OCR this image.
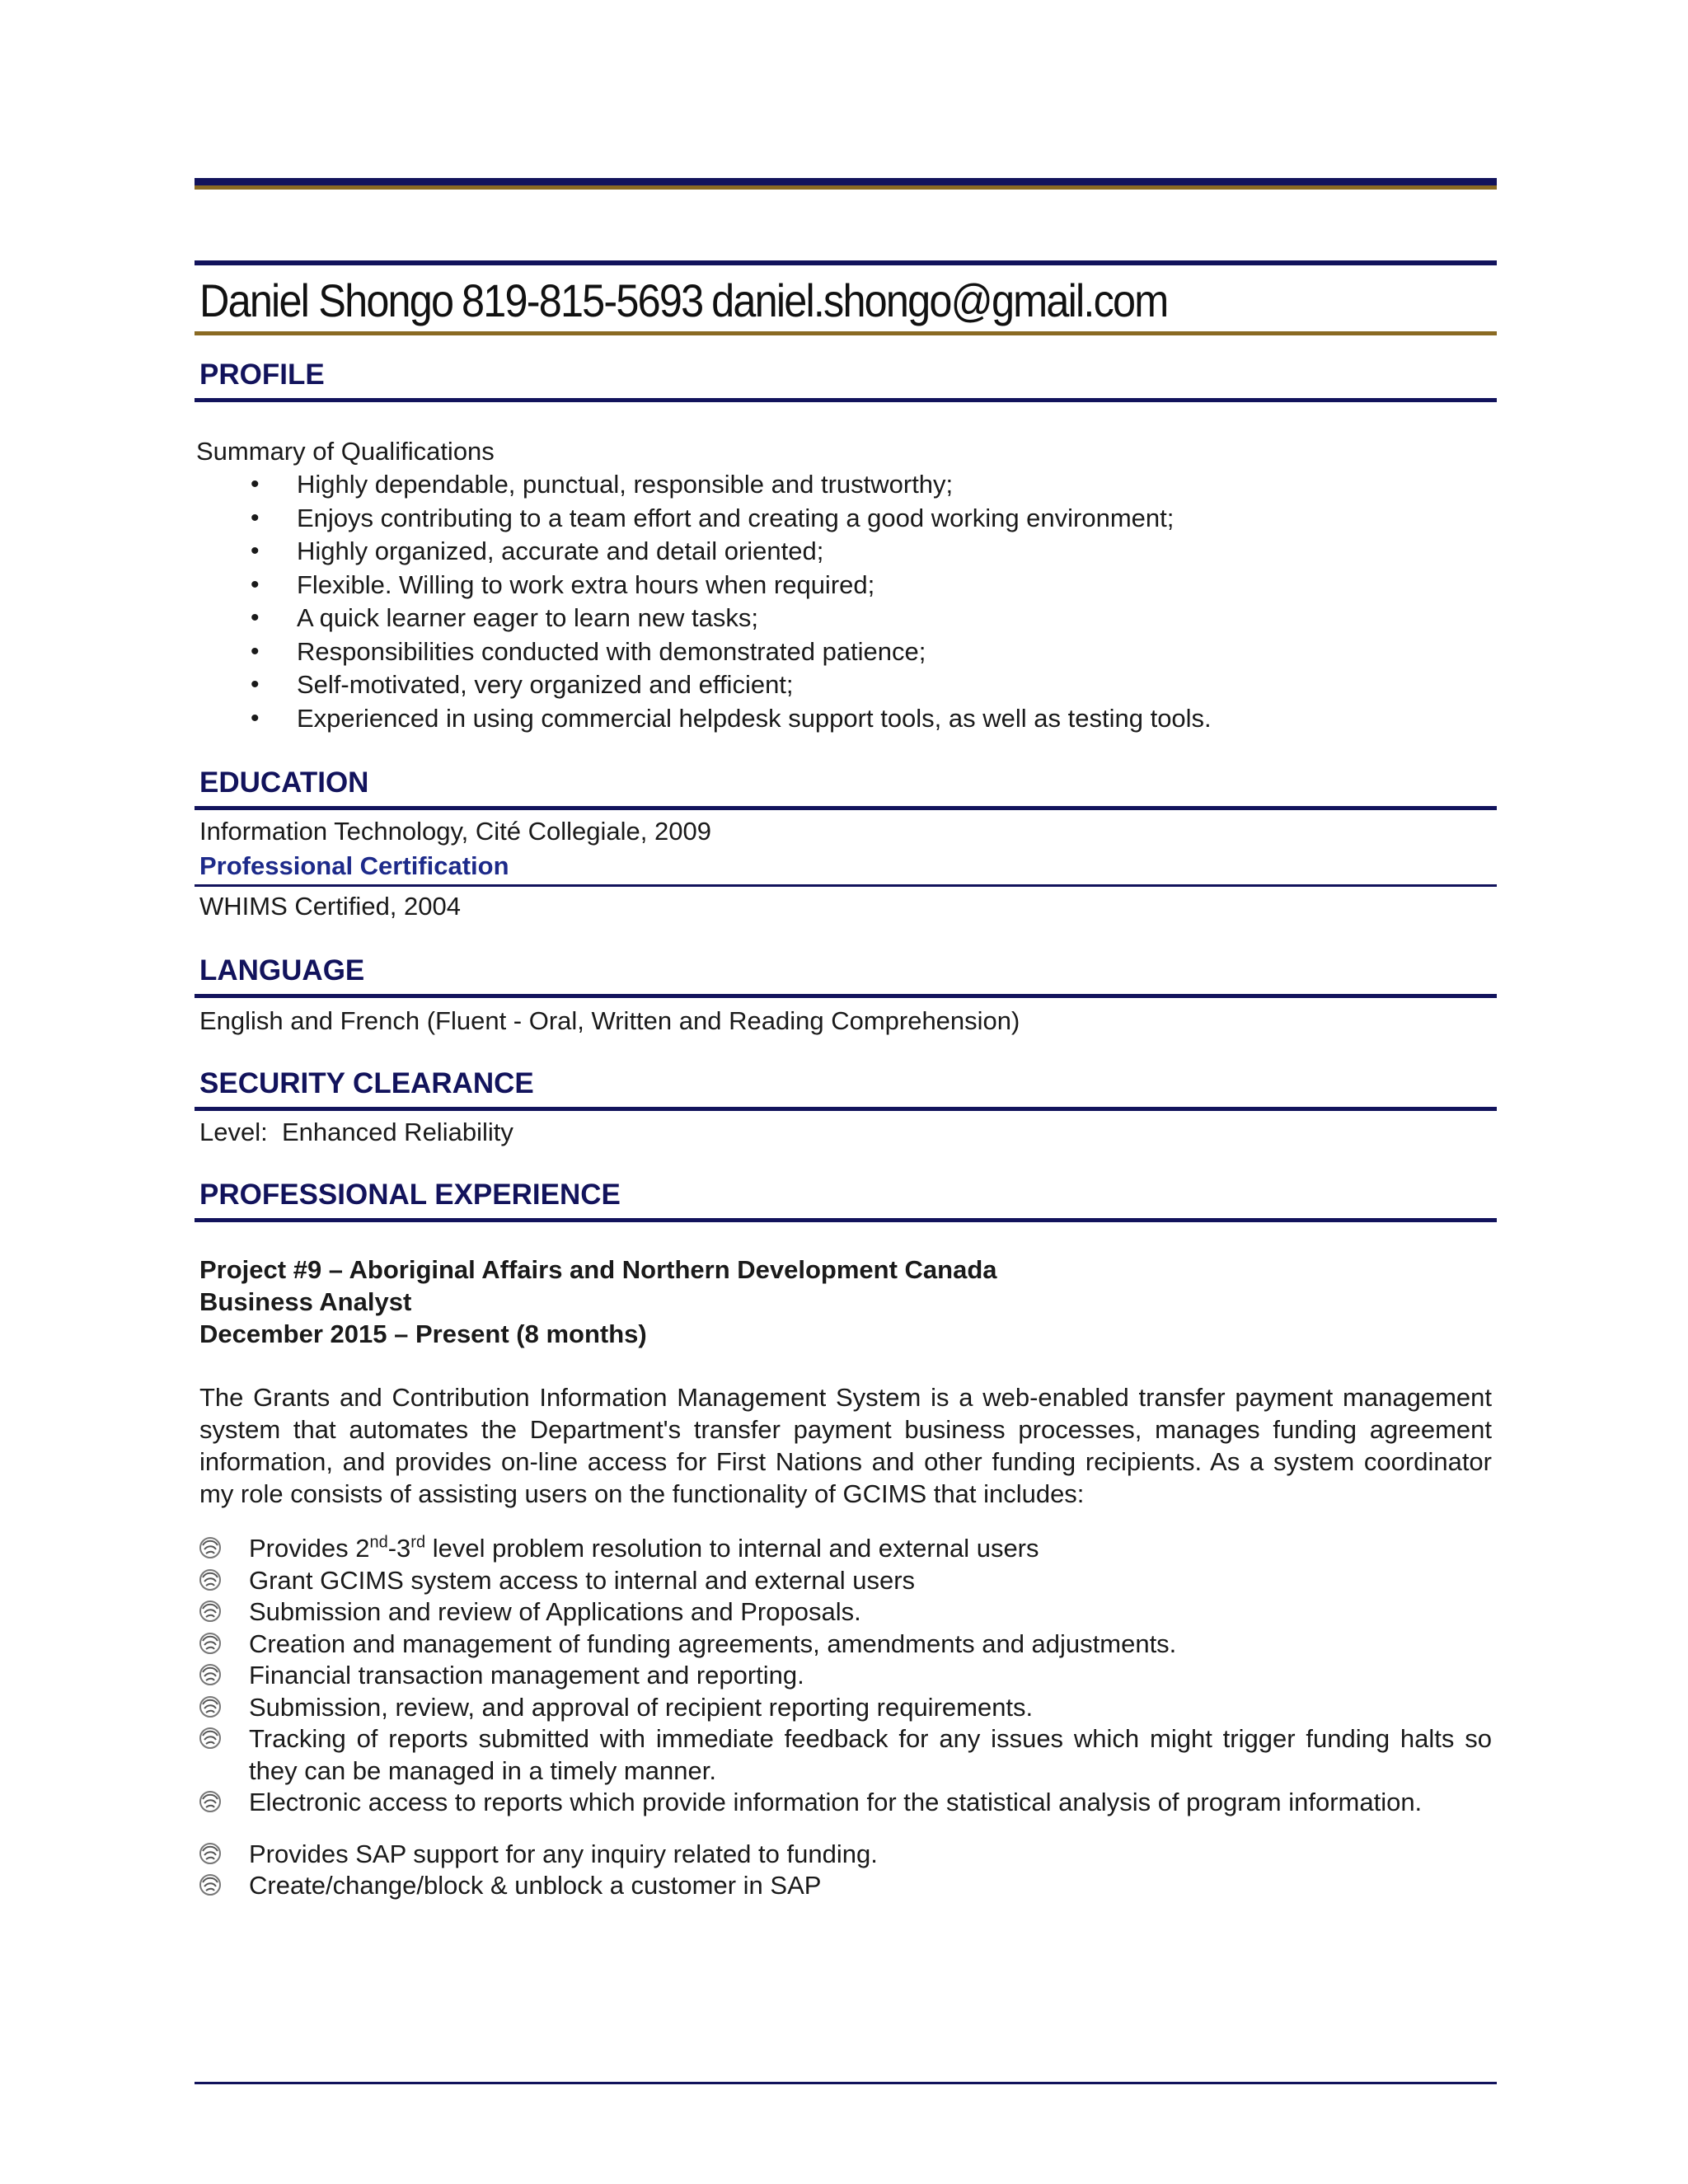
Daniel Shongo 819-815-5693 daniel.shongo@gmail.com
PROFILE
Summary of Qualifications
• Highly dependable, punctual, responsible and trustworthy;
• Enjoys contributing to a team effort and creating a good working environment;
• Highly organized, accurate and detail oriented;
• Flexible. Willing to work extra hours when required;
• A quick learner eager to learn new tasks;
• Responsibilities conducted with demonstrated patience;
• Self-motivated, very organized and efficient;
• Experienced in using commercial helpdesk support tools, as well as testing tools.
EDUCATION
Information Technology, Cité Collegiale, 2009
Professional Certification
WHIMS Certified, 2004
LANGUAGE
English and French (Fluent - Oral, Written and Reading Comprehension)
SECURITY CLEARANCE
Level:  Enhanced Reliability
PROFESSIONAL EXPERIENCE
Project #9 – Aboriginal Affairs and Northern Development Canada
Business Analyst
December 2015 – Present (8 months)
The Grants and Contribution Information Management System is a web-enabled transfer payment management system that automates the Department's transfer payment business processes, manages funding agreement information, and provides on-line access for First Nations and other funding recipients. As a system coordinator my role consists of assisting users on the functionality of GCIMS that includes:
Provides 2nd-3rd level problem resolution to internal and external users
Grant GCIMS system access to internal and external users
Submission and review of Applications and Proposals.
Creation and management of funding agreements, amendments and adjustments.
Financial transaction management and reporting.
Submission, review, and approval of recipient reporting requirements.
Tracking of reports submitted with immediate feedback for any issues which might trigger funding halts so they can be managed in a timely manner.
Electronic access to reports which provide information for the statistical analysis of program information.
Provides SAP support for any inquiry related to funding.
Create/change/block & unblock a customer in SAP
